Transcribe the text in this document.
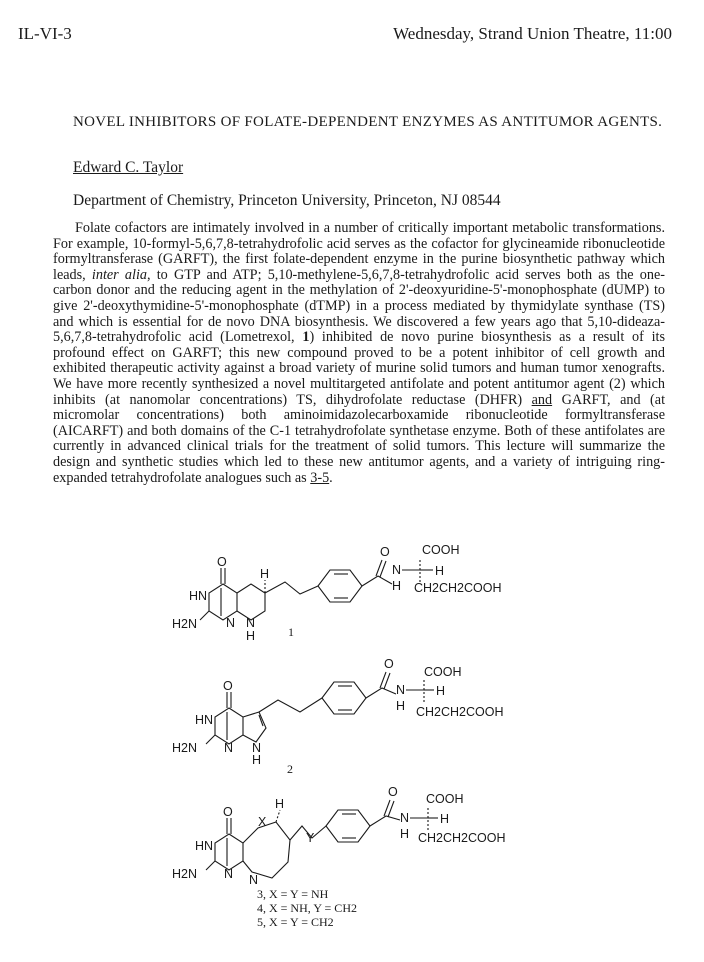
IL-VI-3	Wednesday, Strand Union Theatre, 11:00
NOVEL INHIBITORS OF FOLATE-DEPENDENT ENZYMES AS ANTITUMOR AGENTS.
Edward C. Taylor
Department of Chemistry, Princeton University, Princeton, NJ 08544

Folate cofactors are intimately involved in a number of critically important metabolic transformations. For example, 10-formyl-5,6,7,8-tetrahydrofolic acid serves as the cofactor for glycineamide ribonucleotide formyltransferase (GARFT), the first folate-dependent enzyme in the purine biosynthetic pathway which leads, inter alia, to GTP and ATP; 5,10-methylene-5,6,7,8-tetrahydrofolic acid serves both as the one-carbon donor and the reducing agent in the methylation of 2'-deoxyuridine-5'-monophosphate (dUMP) to give 2'-deoxythymidine-5'-monophosphate (dTMP) in a process mediated by thymidylate synthase (TS) and which is essential for de novo DNA biosynthesis. We discovered a few years ago that 5,10-dideaza-5,6,7,8-tetrahydrofolic acid (Lometrexol, 1) inhibited de novo purine biosynthesis as a result of its profound effect on GARFT; this new compound proved to be a potent inhibitor of cell growth and exhibited therapeutic activity against a broad variety of murine solid tumors and human tumor xenografts. We have more recently synthesized a novel multitargeted antifolate and potent antitumor agent (2) which inhibits (at nanomolar concentrations) TS, dihydrofolate reductase (DHFR) and GARFT, and (at micromolar concentrations) both aminoimidazolecarboxamide ribonucleotide formyltransferase (AICARFT) and both domains of the C-1 tetrahydrofolate synthetase enzyme. Both of these antifolates are currently in advanced clinical trials for the treatment of solid tumors. This lecture will summarize the design and synthetic studies which led to these new antitumor agents, and a variety of intriguing ring-expanded tetrahydrofolate analogues such as 3-5.

O	COOH
N
H
H
CH2CH2COOH
O
HN
H2N N N
H
H
1
O
COOH
N
H
H
CH2CH2COOH
O
HN
H2N N N
H
2
O COOH
N
H
H
CH2CH2COOH
O
HN
H2N N N
X
H
Y
3, X = Y = NH
4, X = NH, Y = CH2
5, X = Y = CH2
